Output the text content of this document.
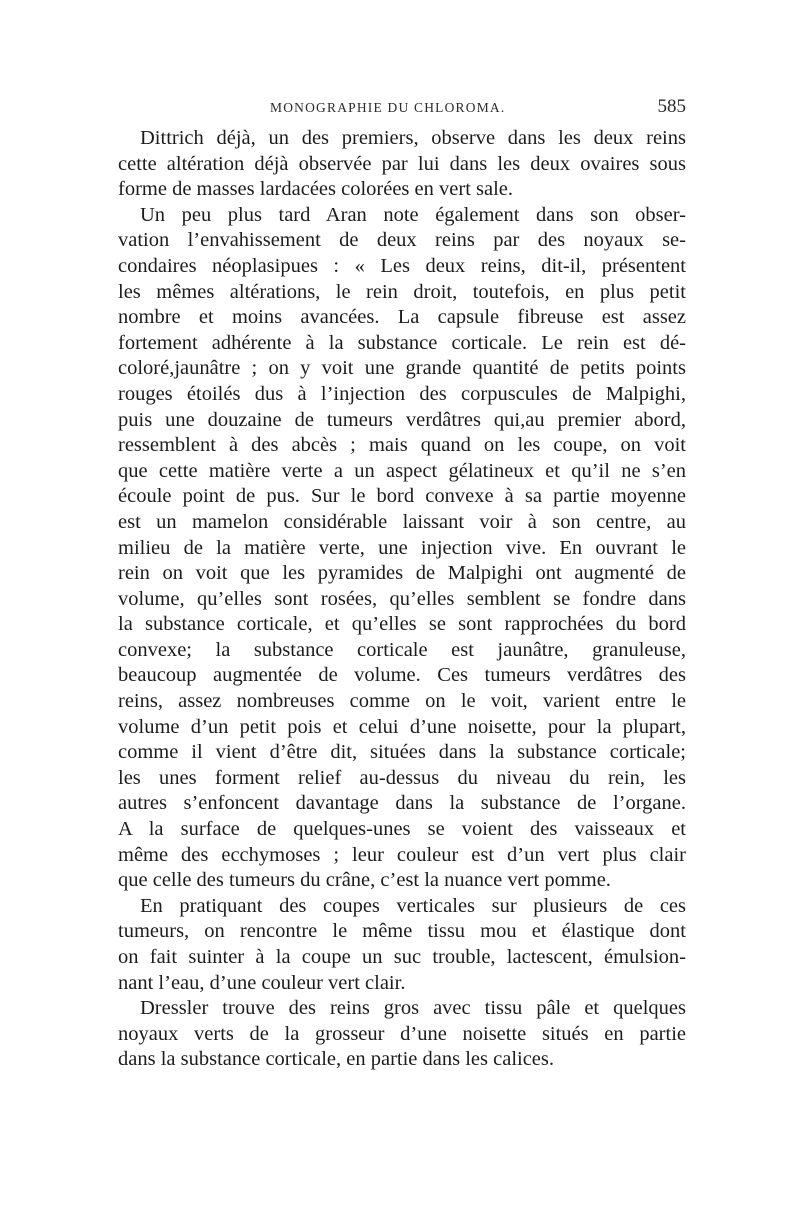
MONOGRAPHIE DU CHLOROMA.	585
Dittrich déjà, un des premiers, observe dans les deux reins
cette altération déjà observée par lui dans les deux ovaires sous
forme de masses lardacées colorées en vert sale.
Un peu plus tard Aran note également dans son obser-
vation l’envahissement de deux reins par des noyaux se-
condaires néoplasipues : « Les deux reins, dit-il, présentent
les mêmes altérations, le rein droit, toutefois, en plus petit
nombre et moins avancées. La capsule fibreuse est assez
fortement adhérente à la substance corticale. Le rein est dé-
coloré,jaunâtre ; on y voit une grande quantité de petits points
rouges étoilés dus à l’injection des corpuscules de Malpighi,
puis une douzaine de tumeurs verdâtres qui,au premier abord,
ressemblent à des abcès ; mais quand on les coupe, on voit
que cette matière verte a un aspect gélatineux et qu’il ne s’en
écoule point de pus. Sur le bord convexe à sa partie moyenne
est un mamelon considérable laissant voir à son centre, au
milieu de la matière verte, une injection vive. En ouvrant le
rein on voit que les pyramides de Malpighi ont augmenté de
volume, qu’elles sont rosées, qu’elles semblent se fondre dans
la substance corticale, et qu’elles se sont rapprochées du bord
convexe; la substance corticale est jaunâtre, granuleuse,
beaucoup augmentée de volume. Ces tumeurs verdâtres des
reins, assez nombreuses comme on le voit, varient entre le
volume d’un petit pois et celui d’une noisette, pour la plupart,
comme il vient d’être dit, situées dans la substance corticale;
les unes forment relief au-dessus du niveau du rein, les
autres s’enfoncent davantage dans la substance de l’organe.
A la surface de quelques-unes se voient des vaisseaux et
même des ecchymoses ; leur couleur est d’un vert plus clair
que celle des tumeurs du crâne, c’est la nuance vert pomme.
En pratiquant des coupes verticales sur plusieurs de ces
tumeurs, on rencontre le même tissu mou et élastique dont
on fait suinter à la coupe un suc trouble, lactescent, émulsion-
nant l’eau, d’une couleur vert clair.
Dressler trouve des reins gros avec tissu pâle et quelques
noyaux verts de la grosseur d’une noisette situés en partie
dans la substance corticale, en partie dans les calices.
